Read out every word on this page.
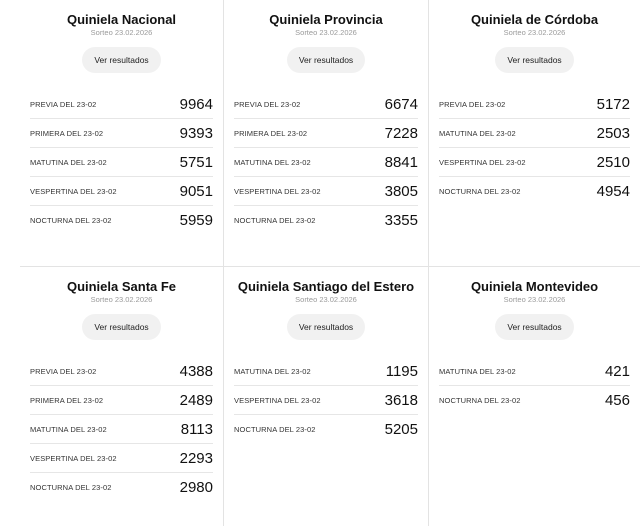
Quiniela Nacional
Sorteo 23.02.2026
Ver resultados
PREVIA DEL 23-02	9964
PRIMERA DEL 23-02	9393
MATUTINA DEL 23-02	5751
VESPERTINA DEL 23-02	9051
NOCTURNA DEL 23-02	5959
Quiniela Provincia
Sorteo 23.02.2026
Ver resultados
PREVIA DEL 23-02	6674
PRIMERA DEL 23-02	7228
MATUTINA DEL 23-02	8841
VESPERTINA DEL 23-02	3805
NOCTURNA DEL 23-02	3355
Quiniela de Córdoba
Sorteo 23.02.2026
Ver resultados
PREVIA DEL 23-02	5172
MATUTINA DEL 23-02	2503
VESPERTINA DEL 23-02	2510
NOCTURNA DEL 23-02	4954
Quiniela Santa Fe
Sorteo 23.02.2026
Ver resultados
PREVIA DEL 23-02	4388
PRIMERA DEL 23-02	2489
MATUTINA DEL 23-02	8113
VESPERTINA DEL 23-02	2293
NOCTURNA DEL 23-02	2980
Quiniela Santiago del Estero
Sorteo 23.02.2026
Ver resultados
MATUTINA DEL 23-02	1195
VESPERTINA DEL 23-02	3618
NOCTURNA DEL 23-02	5205
Quiniela Montevideo
Sorteo 23.02.2026
Ver resultados
MATUTINA DEL 23-02	421
NOCTURNA DEL 23-02	456
